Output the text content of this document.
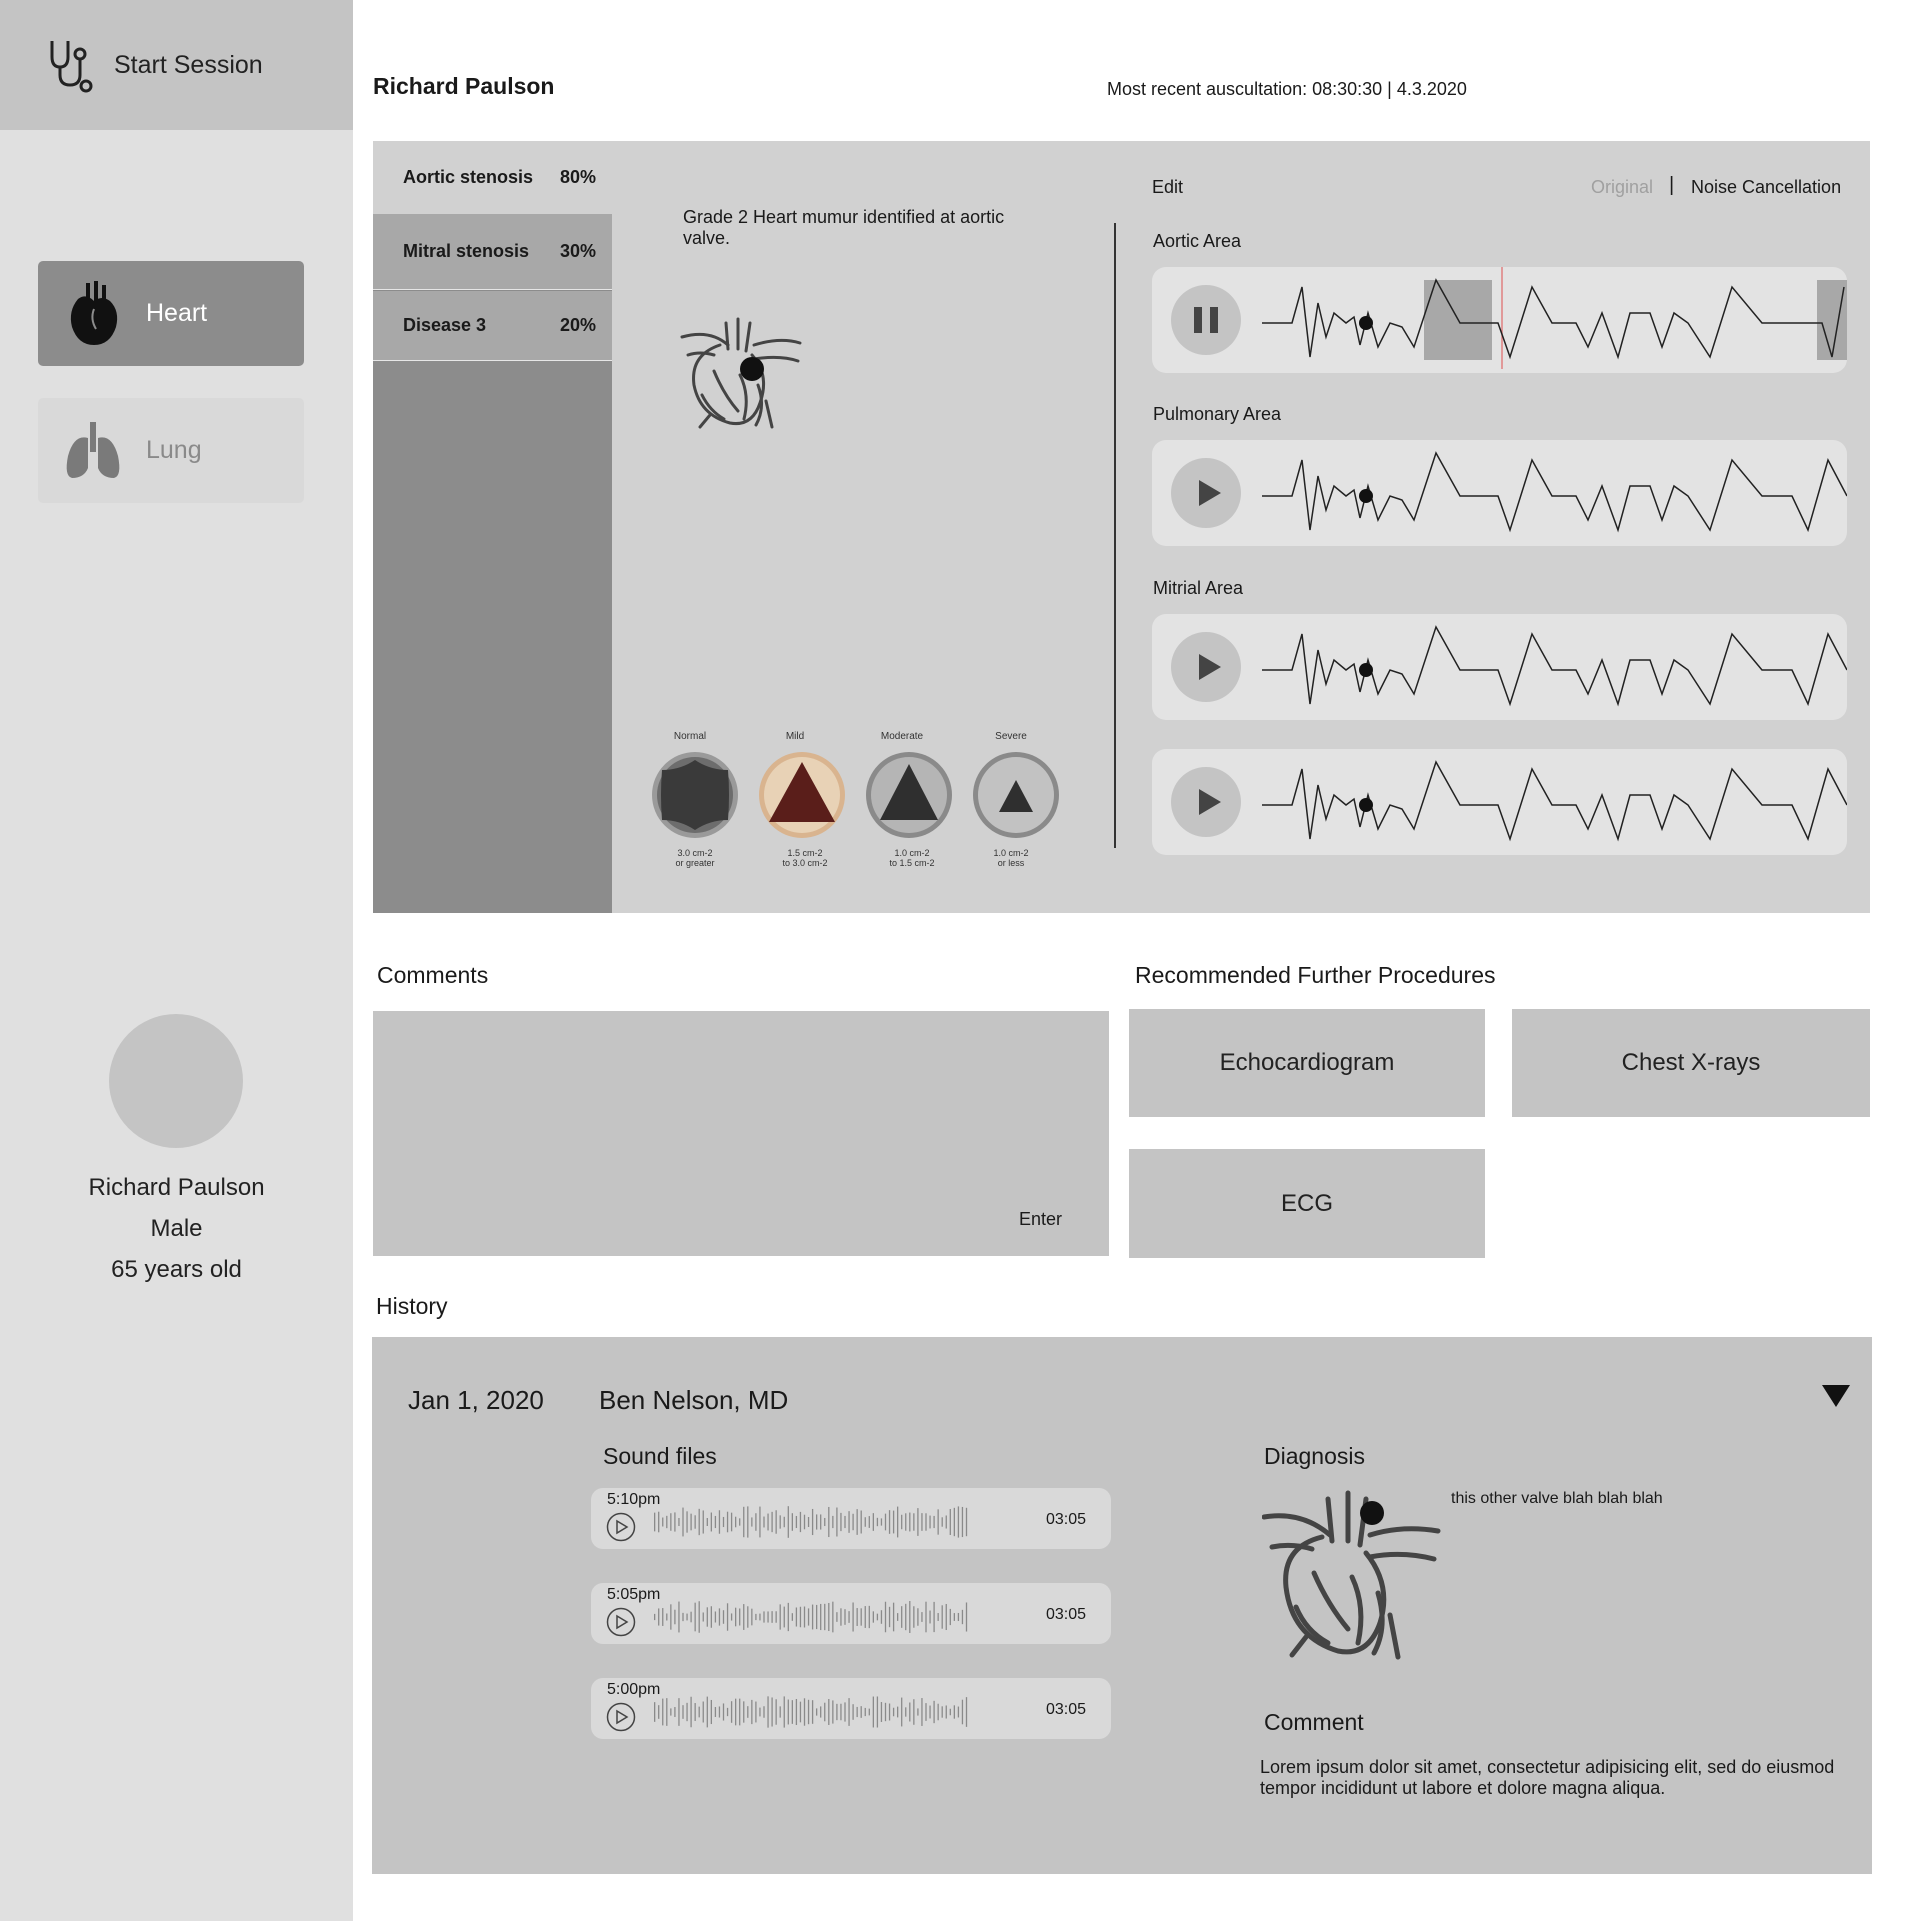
Start Session
Heart
Lung
Richard Paulson
Male
65 years old
Richard Paulson	Most recent auscultation: 08:30:30 | 4.3.2020
Aortic stenosis 80%
Mitral stenosis 30%
Disease 3	20%
Grade 2 Heart mumur identified at aortic valve.
Normal	Mild	Moderate	Severe
3.0 cm-2
or greater
1.5 cm-2
to 3.0 cm-2
1.0 cm-2
to 1.5 cm-2
1.0 cm-2
or less
Edit	Original | Noise Cancellation
Aortic Area
Pulmonary Area
Mitrial Area
Comments
Enter
Recommended Further Procedures
Echocardiogram	Chest X-rays
ECG
History
Jan 1, 2020 Ben Nelson, MD
Sound files
5:10pm
03:05
5:05pm
03:05
5:00pm
03:05
Diagnosis
this other valve blah blah blah
Comment
Lorem ipsum dolor sit amet, consectetur adipisicing elit, sed do eiusmod tempor incididunt ut labore et dolore magna aliqua.
